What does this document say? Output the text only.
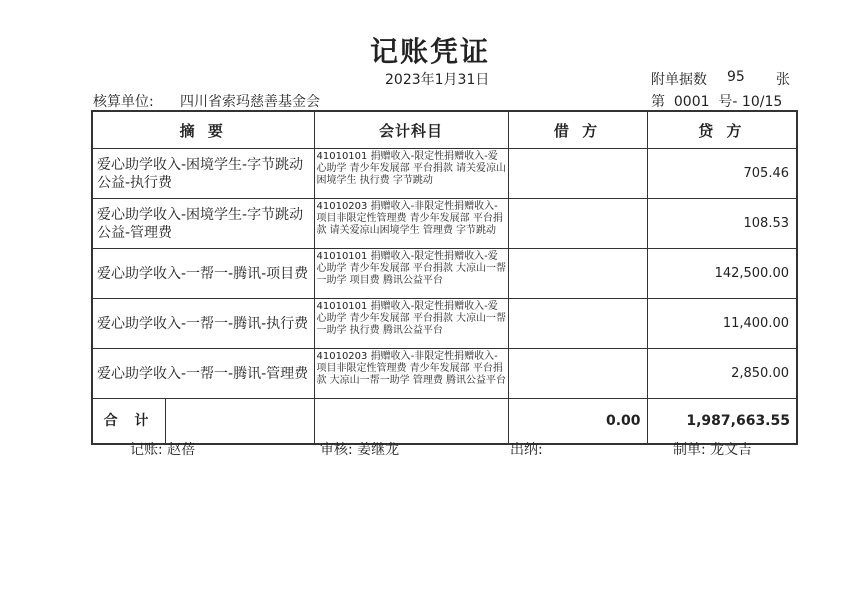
记账凭证
2023年1月31日	附单据数 95 张
核算单位: 四川省索玛慈善基金会	第  0001  号- 10/15
摘 要	会计科目	借 方	贷 方
爱心助学收入-困境学生-字节跳动公益-执行费	41010101 捐赠收入-限定性捐赠收入-爱心助学 青少年发展部 平台捐款 请关爱凉山困境学生 执行费 字节跳动		705.46
爱心助学收入-困境学生-字节跳动公益-管理费	41010203 捐赠收入-非限定性捐赠收入-项目非限定性管理费 青少年发展部 平台捐款 请关爱凉山困境学生 管理费 字节跳动		108.53
爱心助学收入-一帮一-腾讯-项目费	41010101 捐赠收入-限定性捐赠收入-爱心助学 青少年发展部 平台捐款 大凉山一帮一助学 项目费 腾讯公益平台		142,500.00
爱心助学收入-一帮一-腾讯-执行费	41010101 捐赠收入-限定性捐赠收入-爱心助学 青少年发展部 平台捐款 大凉山一帮一助学 执行费 腾讯公益平台		11,400.00
爱心助学收入-一帮一-腾讯-管理费	41010203 捐赠收入-非限定性捐赠收入-项目非限定性管理费 青少年发展部 平台捐款 大凉山一帮一助学 管理费 腾讯公益平台		2,850.00

合 计		0.00	1,987,663.55
记账: 赵蓓	审核: 姜继龙	出纳:	制单: 龙文吉
